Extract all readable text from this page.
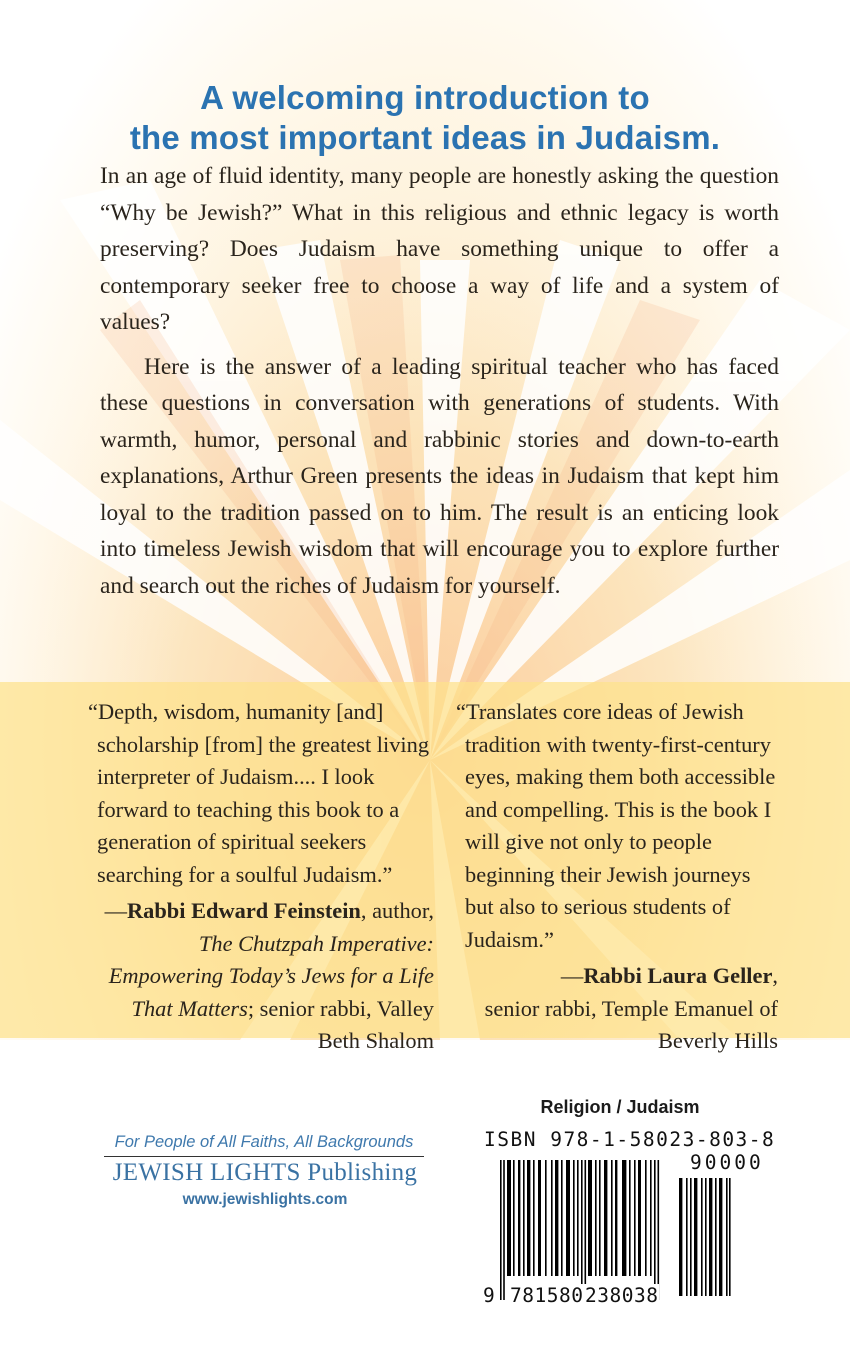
A welcoming introduction to
the most important ideas in Judaism.

In an age of fluid identity, many people are honestly asking the question “Why be Jewish?” What in this religious and ethnic legacy is worth preserving? Does Judaism have something unique to offer a contemporary seeker free to choose a way of life and a system of values?

Here is the answer of a leading spiritual teacher who has faced these questions in conversation with generations of students. With warmth, humor, personal and rabbinic stories and down-to-earth explanations, Arthur Green presents the ideas in Judaism that kept him loyal to the tradition passed on to him. The result is an enticing look into timeless Jewish wisdom that will encourage you to explore further and search out the riches of Judaism for yourself.

“Depth, wisdom, humanity [and] scholarship [from] the greatest living interpreter of Judaism.... I look forward to teaching this book to a generation of spiritual seekers searching for a soulful Judaism.”

—Rabbi Edward Feinstein, author,

The Chutzpah Imperative: Empowering Today’s Jews for a Life That Matters; senior rabbi, Valley Beth Shalom

“Translates core ideas of Jewish tradition with twenty-first-century eyes, making them both accessible and compelling. This is the book I will give not only to people beginning their Jewish journeys but also to serious students of Judaism.”

—Rabbi Laura Geller,

senior rabbi, Temple Emanuel of Beverly Hills

For People of All Faiths, All Backgrounds
JEWISH LIGHTS Publishing
www.jewishlights.com
Religion / Judaism
ISBN 978-1-58023-803-8
90000
9 781580 238038
